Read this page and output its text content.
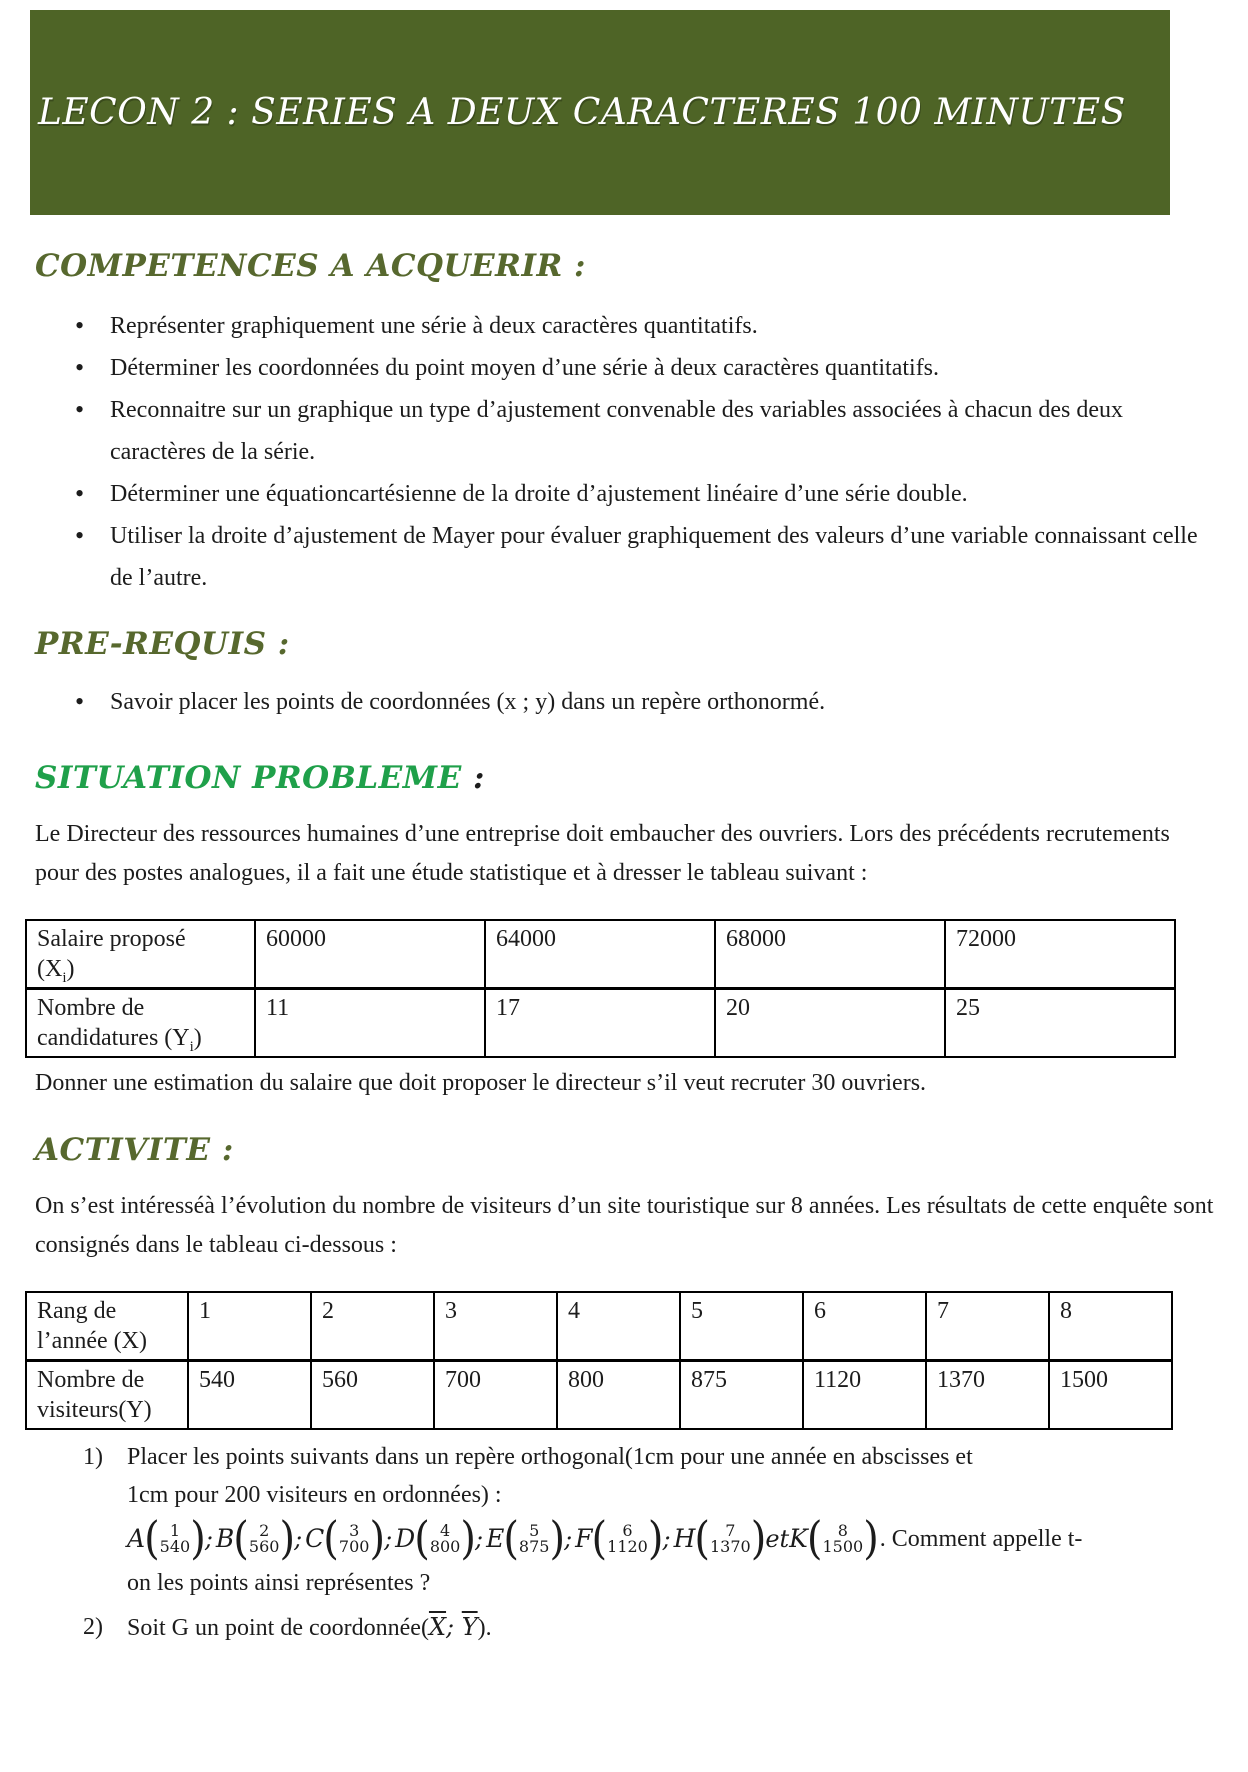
LECON 2 : SERIES A DEUX CARACTERES 100 MINUTES
COMPETENCES A ACQUERIR :
• Représenter graphiquement une série à deux caractères quantitatifs.
• Déterminer les coordonnées du point moyen d’une série à deux caractères quantitatifs.
• Reconnaitre sur un graphique un type d’ajustement convenable des variables associées à chacun des deux caractères de la série.
• Déterminer une équationcartésienne de la droite d’ajustement linéaire d’une série double.
• Utiliser la droite d’ajustement de Mayer pour évaluer graphiquement des valeurs d’une variable connaissant celle de l’autre.
PRE-REQUIS :
• Savoir placer les points de coordonnées (x ; y) dans un repère orthonormé.
SITUATION PROBLEME :

Le Directeur des ressources humaines d’une entreprise doit embaucher des ouvriers. Lors des précédents recrutements pour des postes analogues, il a fait une étude statistique et à dresser le tableau suivant :

Salaire proposé
$(X_i)$	60000	64000	68000	72000
Nombre de
candidatures $(Y_i)$	11	17	20	25

Donner une estimation du salaire que doit proposer le directeur s’il veut recruter 30 ouvriers.

ACTIVITE :

On s’est intéresséà l’évolution du nombre de visiteurs d’un site touristique sur 8 années. Les résultats de cette enquête sont consignés dans le tableau ci-dessous :

Rang de
l’année (X)	1	2	3	4	5	6	7	8
Nombre de
visiteurs(Y)	540	560	700	800	875	1120	1370	1500
1) Placer les points suivants dans un repère orthogonal(1cm pour une année en abscisses et
1cm pour 200 visiteurs en ordonnées) :
A ( 1
540 ) ; B ( 2
560 ) ; C ( 3
700 ) ; D ( 4
800 ) ; E ( 5
875 ) ; F ( 6
1120 ) ; H ( 7
1370 ) et K ( 8
1500 ) . Comment appelle t-
on les points ainsi représentes ?
2) Soit G un point de $coordonnée(\overline{X}$; $\overline{Y}$).
